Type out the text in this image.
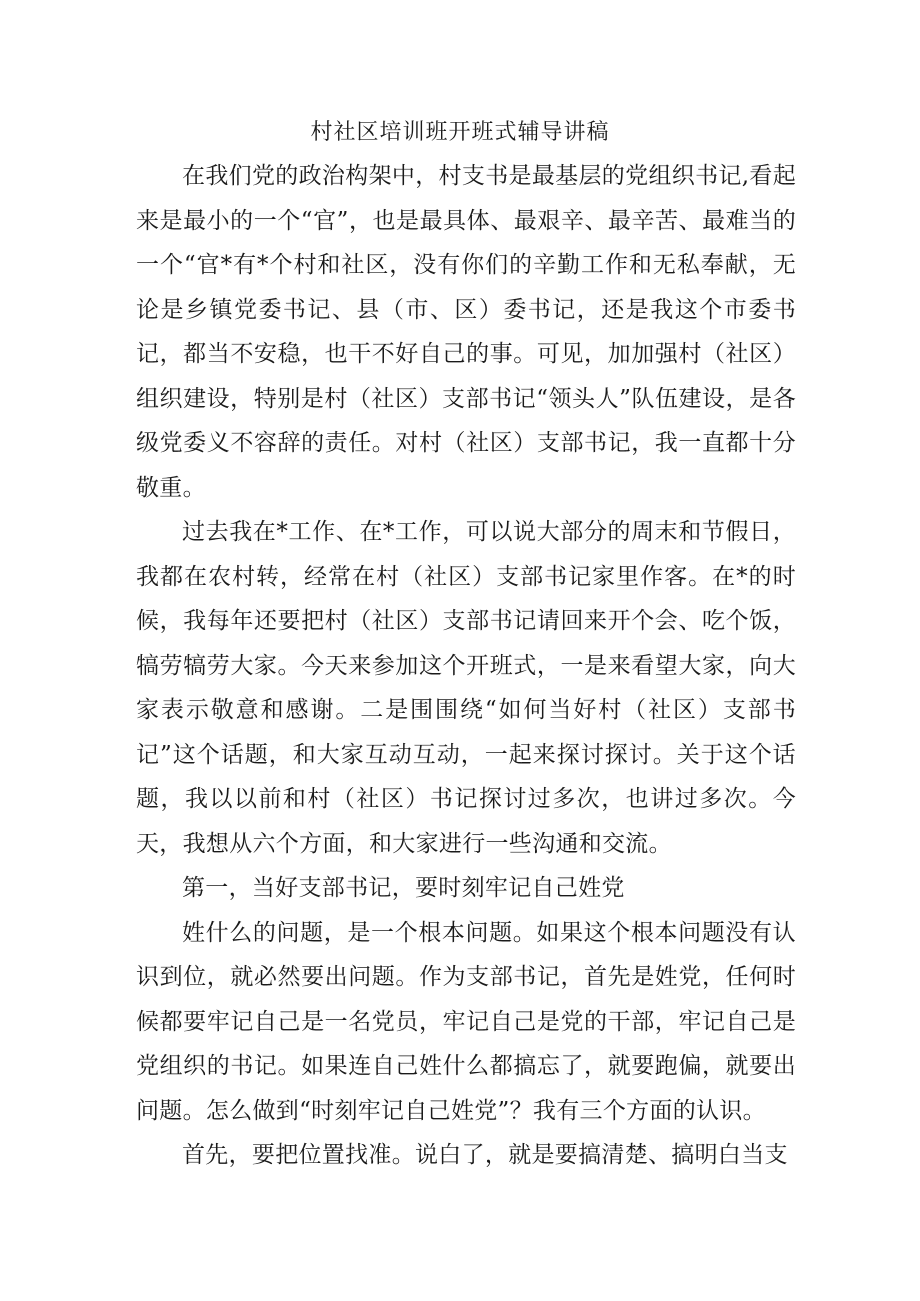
村社区培训班开班式辅导讲稿

在我们党的政治构架中，村支书是最基层的党组织书记,看起来是最小的一个“官”，也是最具体、最艰辛、最辛苦、最难当的一个“官*有*个村和社区，没有你们的辛勤工作和无私奉献，无论是乡镇党委书记、县（市、区）委书记，还是我这个市委书记，都当不安稳，也干不好自己的事。可见，加加强村（社区）组织建设，特别是村（社区）支部书记“领头人”队伍建设，是各级党委义不容辞的责任。对村（社区）支部书记，我一直都十分敬重。

过去我在*工作、在*工作，可以说大部分的周末和节假日，我都在农村转，经常在村（社区）支部书记家里作客。在*的时候，我每年还要把村（社区）支部书记请回来开个会、吃个饭，犒劳犒劳大家。今天来参加这个开班式，一是来看望大家，向大家表示敬意和感谢。二是围围绕“如何当好村（社区）支部书记”这个话题，和大家互动互动，一起来探讨探讨。关于这个话题，我以以前和村（社区）书记探讨过多次，也讲过多次。今天，我想从六个方面，和大家进行一些沟通和交流。

第一，当好支部书记，要时刻牢记自己姓党

姓什么的问题，是一个根本问题。如果这个根本问题没有认识到位，就必然要出问题。作为支部书记，首先是姓党，任何时候都要牢记自己是一名党员，牢记自己是党的干部，牢记自己是党组织的书记。如果连自己姓什么都搞忘了，就要跑偏，就要出问题。怎么做到“时刻牢记自己姓党”？我有三个方面的认识。

首先，要把位置找准。说白了，就是要搞清楚、搞明白当支
